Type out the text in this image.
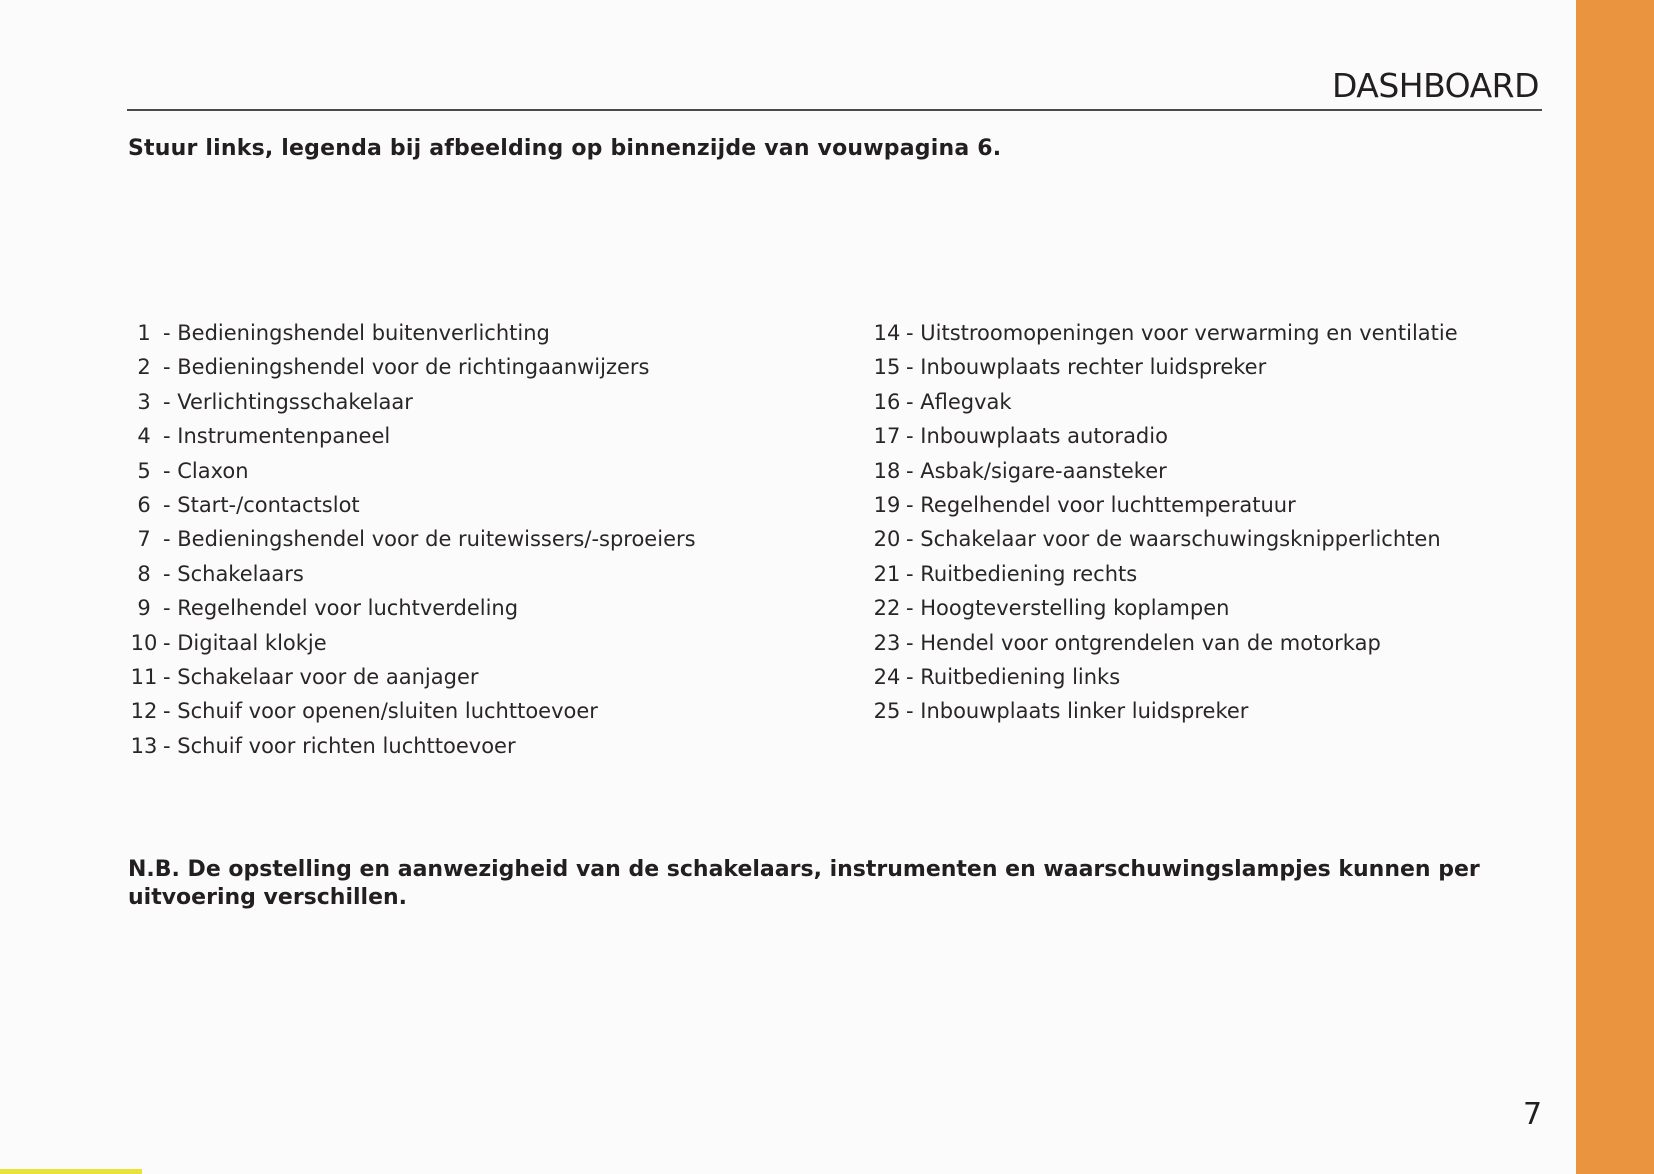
DASHBOARD
Stuur links, legenda bij afbeelding op binnenzijde van vouwpagina 6.
1 - Bedieningshendel buitenverlichting
2 - Bedieningshendel voor de richtingaanwijzers
3 - Verlichtingsschakelaar
4 - Instrumentenpaneel
5 - Claxon
6 - Start-/contactslot
7 - Bedieningshendel voor de ruitewissers/-sproeiers
8 - Schakelaars
9 - Regelhendel voor luchtverdeling
10 - Digitaal klokje
11 - Schakelaar voor de aanjager
12 - Schuif voor openen/sluiten luchttoevoer
13 - Schuif voor richten luchttoevoer
14 - Uitstroomopeningen voor verwarming en ventilatie
15 - Inbouwplaats rechter luidspreker
16 - Aflegvak
17 - Inbouwplaats autoradio
18 - Asbak/sigare-aansteker
19 - Regelhendel voor luchttemperatuur
20 - Schakelaar voor de waarschuwingsknipperlichten
21 - Ruitbediening rechts
22 - Hoogteverstelling koplampen
23 - Hendel voor ontgrendelen van de motorkap
24 - Ruitbediening links
25 - Inbouwplaats linker luidspreker
N.B. De opstelling en aanwezigheid van de schakelaars, instrumenten en waarschuwingslampjes kunnen per uitvoering verschillen.
7
